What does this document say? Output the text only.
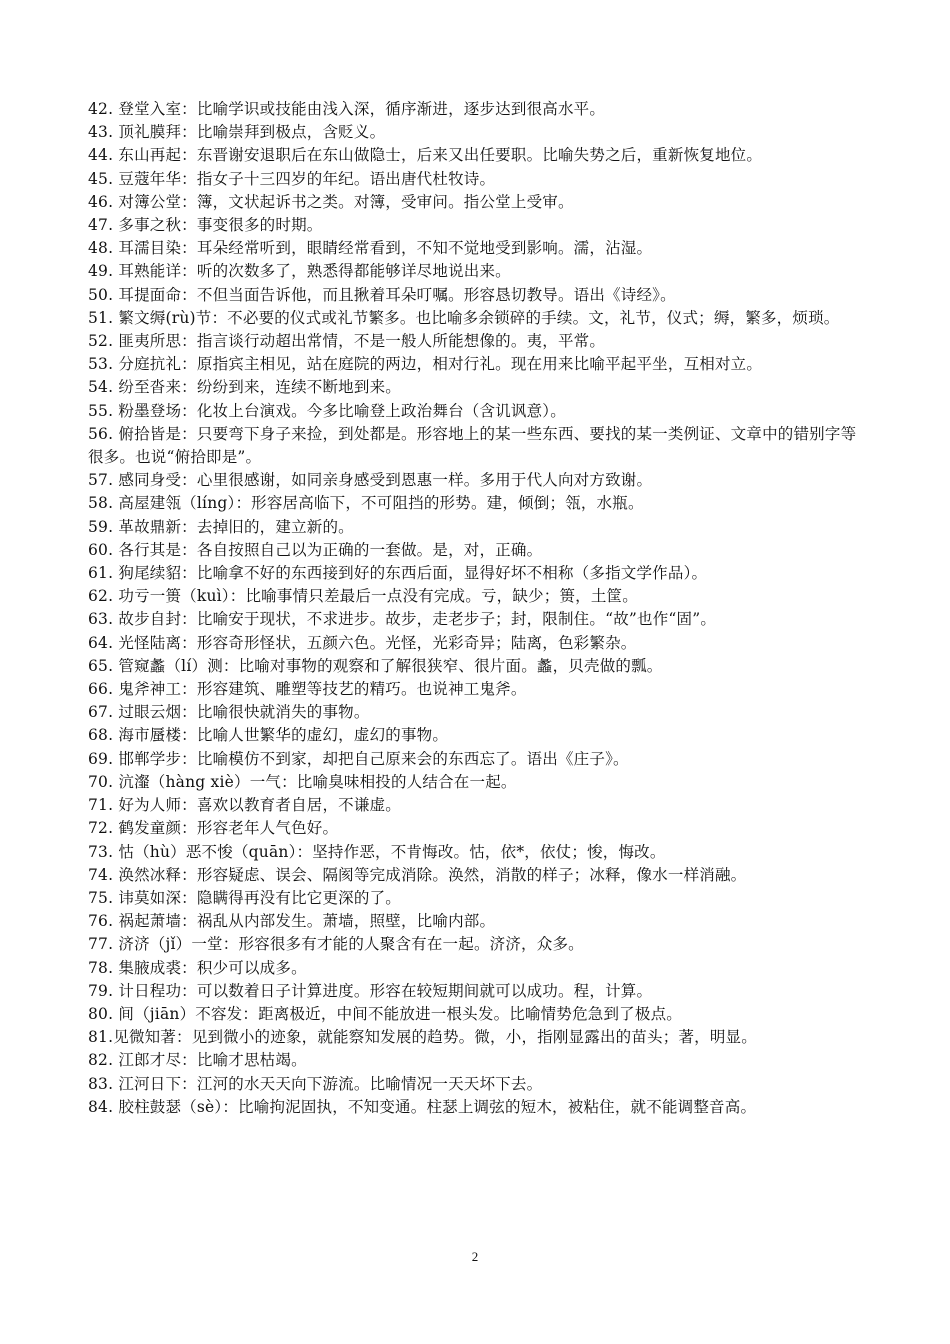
42. 登堂入室：比喻学识或技能由浅入深，循序渐进，逐步达到很高水平。

43. 顶礼膜拜：比喻崇拜到极点，含贬义。

44. 东山再起：东晋谢安退职后在东山做隐士，后来又出任要职。比喻失势之后，重新恢复地位。

45. 豆蔻年华：指女子十三四岁的年纪。语出唐代杜牧诗。

46. 对簿公堂：簿，文状起诉书之类。对簿，受审问。指公堂上受审。

47. 多事之秋：事变很多的时期。

48. 耳濡目染：耳朵经常听到，眼睛经常看到，不知不觉地受到影响。濡，沾湿。

49. 耳熟能详：听的次数多了，熟悉得都能够详尽地说出来。

50. 耳提面命：不但当面告诉他，而且揪着耳朵叮嘱。形容恳切教导。语出《诗经》。

51. 繁文缛(rù)节：不必要的仪式或礼节繁多。也比喻多余锁碎的手续。文，礼节，仪式；缛，繁多，烦琐。

52. 匪夷所思：指言谈行动超出常情，不是一般人所能想像的。夷，平常。

53. 分庭抗礼：原指宾主相见，站在庭院的两边，相对行礼。现在用来比喻平起平坐，互相对立。

54. 纷至沓来：纷纷到来，连续不断地到来。

55. 粉墨登场：化妆上台演戏。今多比喻登上政治舞台（含讥讽意）。

56. 俯拾皆是：只要弯下身子来捡，到处都是。形容地上的某一些东西、要找的某一类例证、文章中的错别字等很多。也说“俯拾即是”。

57. 感同身受：心里很感谢，如同亲身感受到恩惠一样。多用于代人向对方致谢。

58. 高屋建瓴（líng）：形容居高临下，不可阻挡的形势。建，倾倒；瓴，水瓶。

59. 革故鼎新：去掉旧的，建立新的。

60. 各行其是：各自按照自己以为正确的一套做。是，对，正确。

61. 狗尾续貂：比喻拿不好的东西接到好的东西后面，显得好坏不相称（多指文学作品）。

62. 功亏一篑（kuì）：比喻事情只差最后一点没有完成。亏，缺少；篑，土筐。

63. 故步自封：比喻安于现状，不求进步。故步，走老步子；封，限制住。“故”也作“固”。

64. 光怪陆离：形容奇形怪状，五颜六色。光怪，光彩奇异；陆离，色彩繁杂。

65. 管窥蠡（lí）测：比喻对事物的观察和了解很狭窄、很片面。蠡，贝壳做的瓢。

66. 鬼斧神工：形容建筑、雕塑等技艺的精巧。也说神工鬼斧。

67. 过眼云烟：比喻很快就消失的事物。

68. 海市蜃楼：比喻人世繁华的虚幻，虚幻的事物。

69. 邯郸学步：比喻模仿不到家，却把自己原来会的东西忘了。语出《庄子》。

70. 沆瀣（hàng xiè）一气：比喻臭味相投的人结合在一起。

71. 好为人师：喜欢以教育者自居，不谦虚。

72. 鹤发童颜：形容老年人气色好。

73. 怙（hù）恶不悛（quān）：坚持作恶，不肯悔改。怙，依*，依仗；悛，悔改。

74. 涣然冰释：形容疑虑、误会、隔阂等完成消除。涣然，消散的样子；冰释，像水一样消融。

75. 讳莫如深：隐瞒得再没有比它更深的了。

76. 祸起萧墙：祸乱从内部发生。萧墙，照壁，比喻内部。

77. 济济（jǐ）一堂：形容很多有才能的人聚含有在一起。济济，众多。

78. 集腋成裘：积少可以成多。

79. 计日程功：可以数着日子计算进度。形容在较短期间就可以成功。程，计算。

80. 间（jiān）不容发：距离极近，中间不能放进一根头发。比喻情势危急到了极点。

81.见微知著：见到微小的迹象，就能察知发展的趋势。微，小，指刚显露出的苗头；著，明显。

82. 江郎才尽：比喻才思枯竭。

83. 江河日下：江河的水天天向下游流。比喻情况一天天坏下去。

84. 胶柱鼓瑟（sè）：比喻拘泥固执，不知变通。柱瑟上调弦的短木，被粘住，就不能调整音高。

2
